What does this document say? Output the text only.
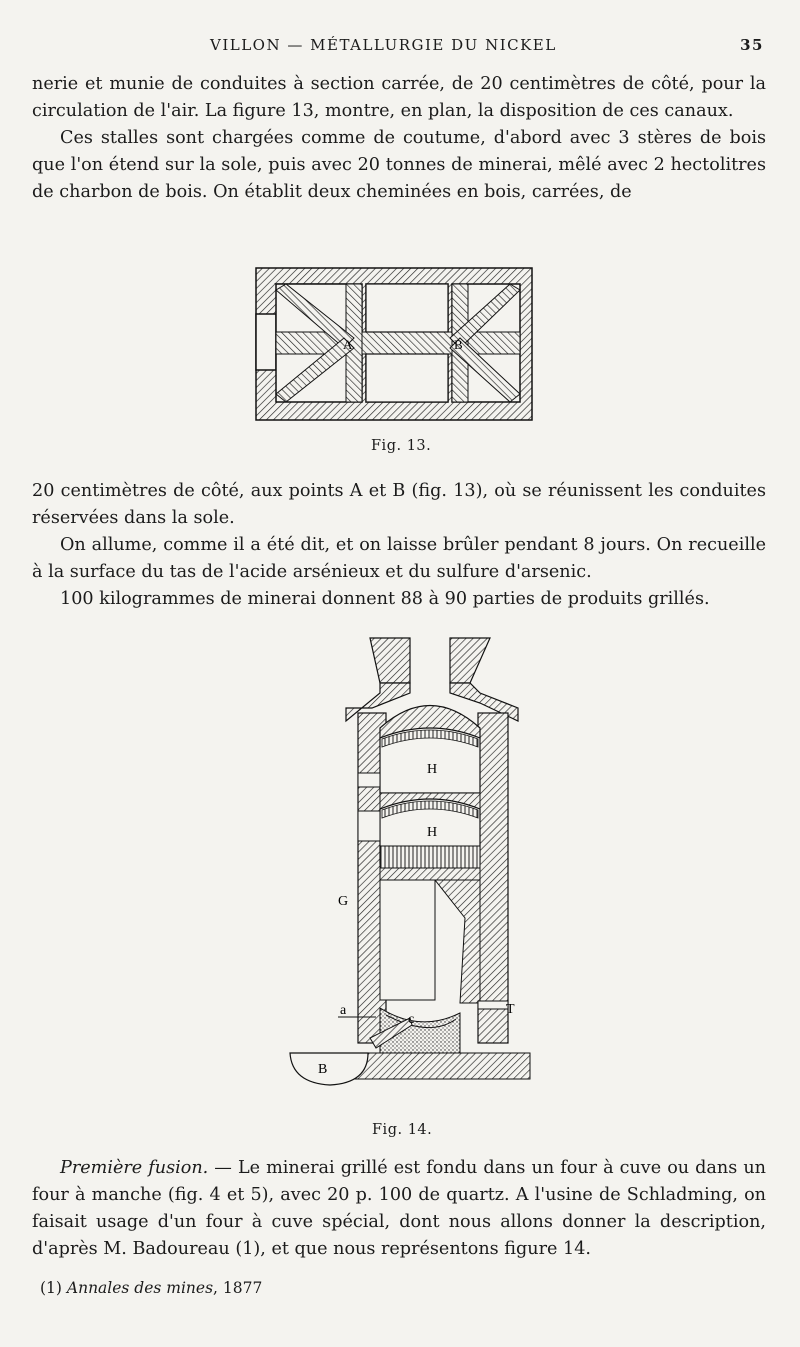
VILLON — MÉTALLURGIE DU NICKEL	35

nerie et munie de conduites à section carrée, de 20 centimètres de côté, pour la circulation de l'air. La figure 13, montre, en plan, la disposition de ces canaux.

Ces stalles sont chargées comme de coutume, d'abord avec 3 stères de bois que l'on étend sur la sole, puis avec 20 tonnes de minerai, mêlé avec 2 hectolitres de charbon de bois. On établit deux cheminées en bois, carrées, de

A	B
Fig. 13.

20 centimètres de côté, aux points A et B (fig. 13), où se réunissent les conduites réservées dans la sole.

On allume, comme il a été dit, et on laisse brûler pendant 8 jours. On recueille à la surface du tas de l'acide arsénieux et du sulfure d'arsenic.

100 kilogrammes de minerai donnent 88 à 90 parties de produits grillés.

H
H
G
a
c
T
B
Fig. 14.

Première fusion. — Le minerai grillé est fondu dans un four à cuve ou dans un four à manche (fig. 4 et 5), avec 20 p. 100 de quartz. A l'usine de Schladming, on faisait usage d'un four à cuve spécial, dont nous allons donner la description, d'après M. Badoureau (1), et que nous représentons figure 14.

(1) Annales des mines, 1877
